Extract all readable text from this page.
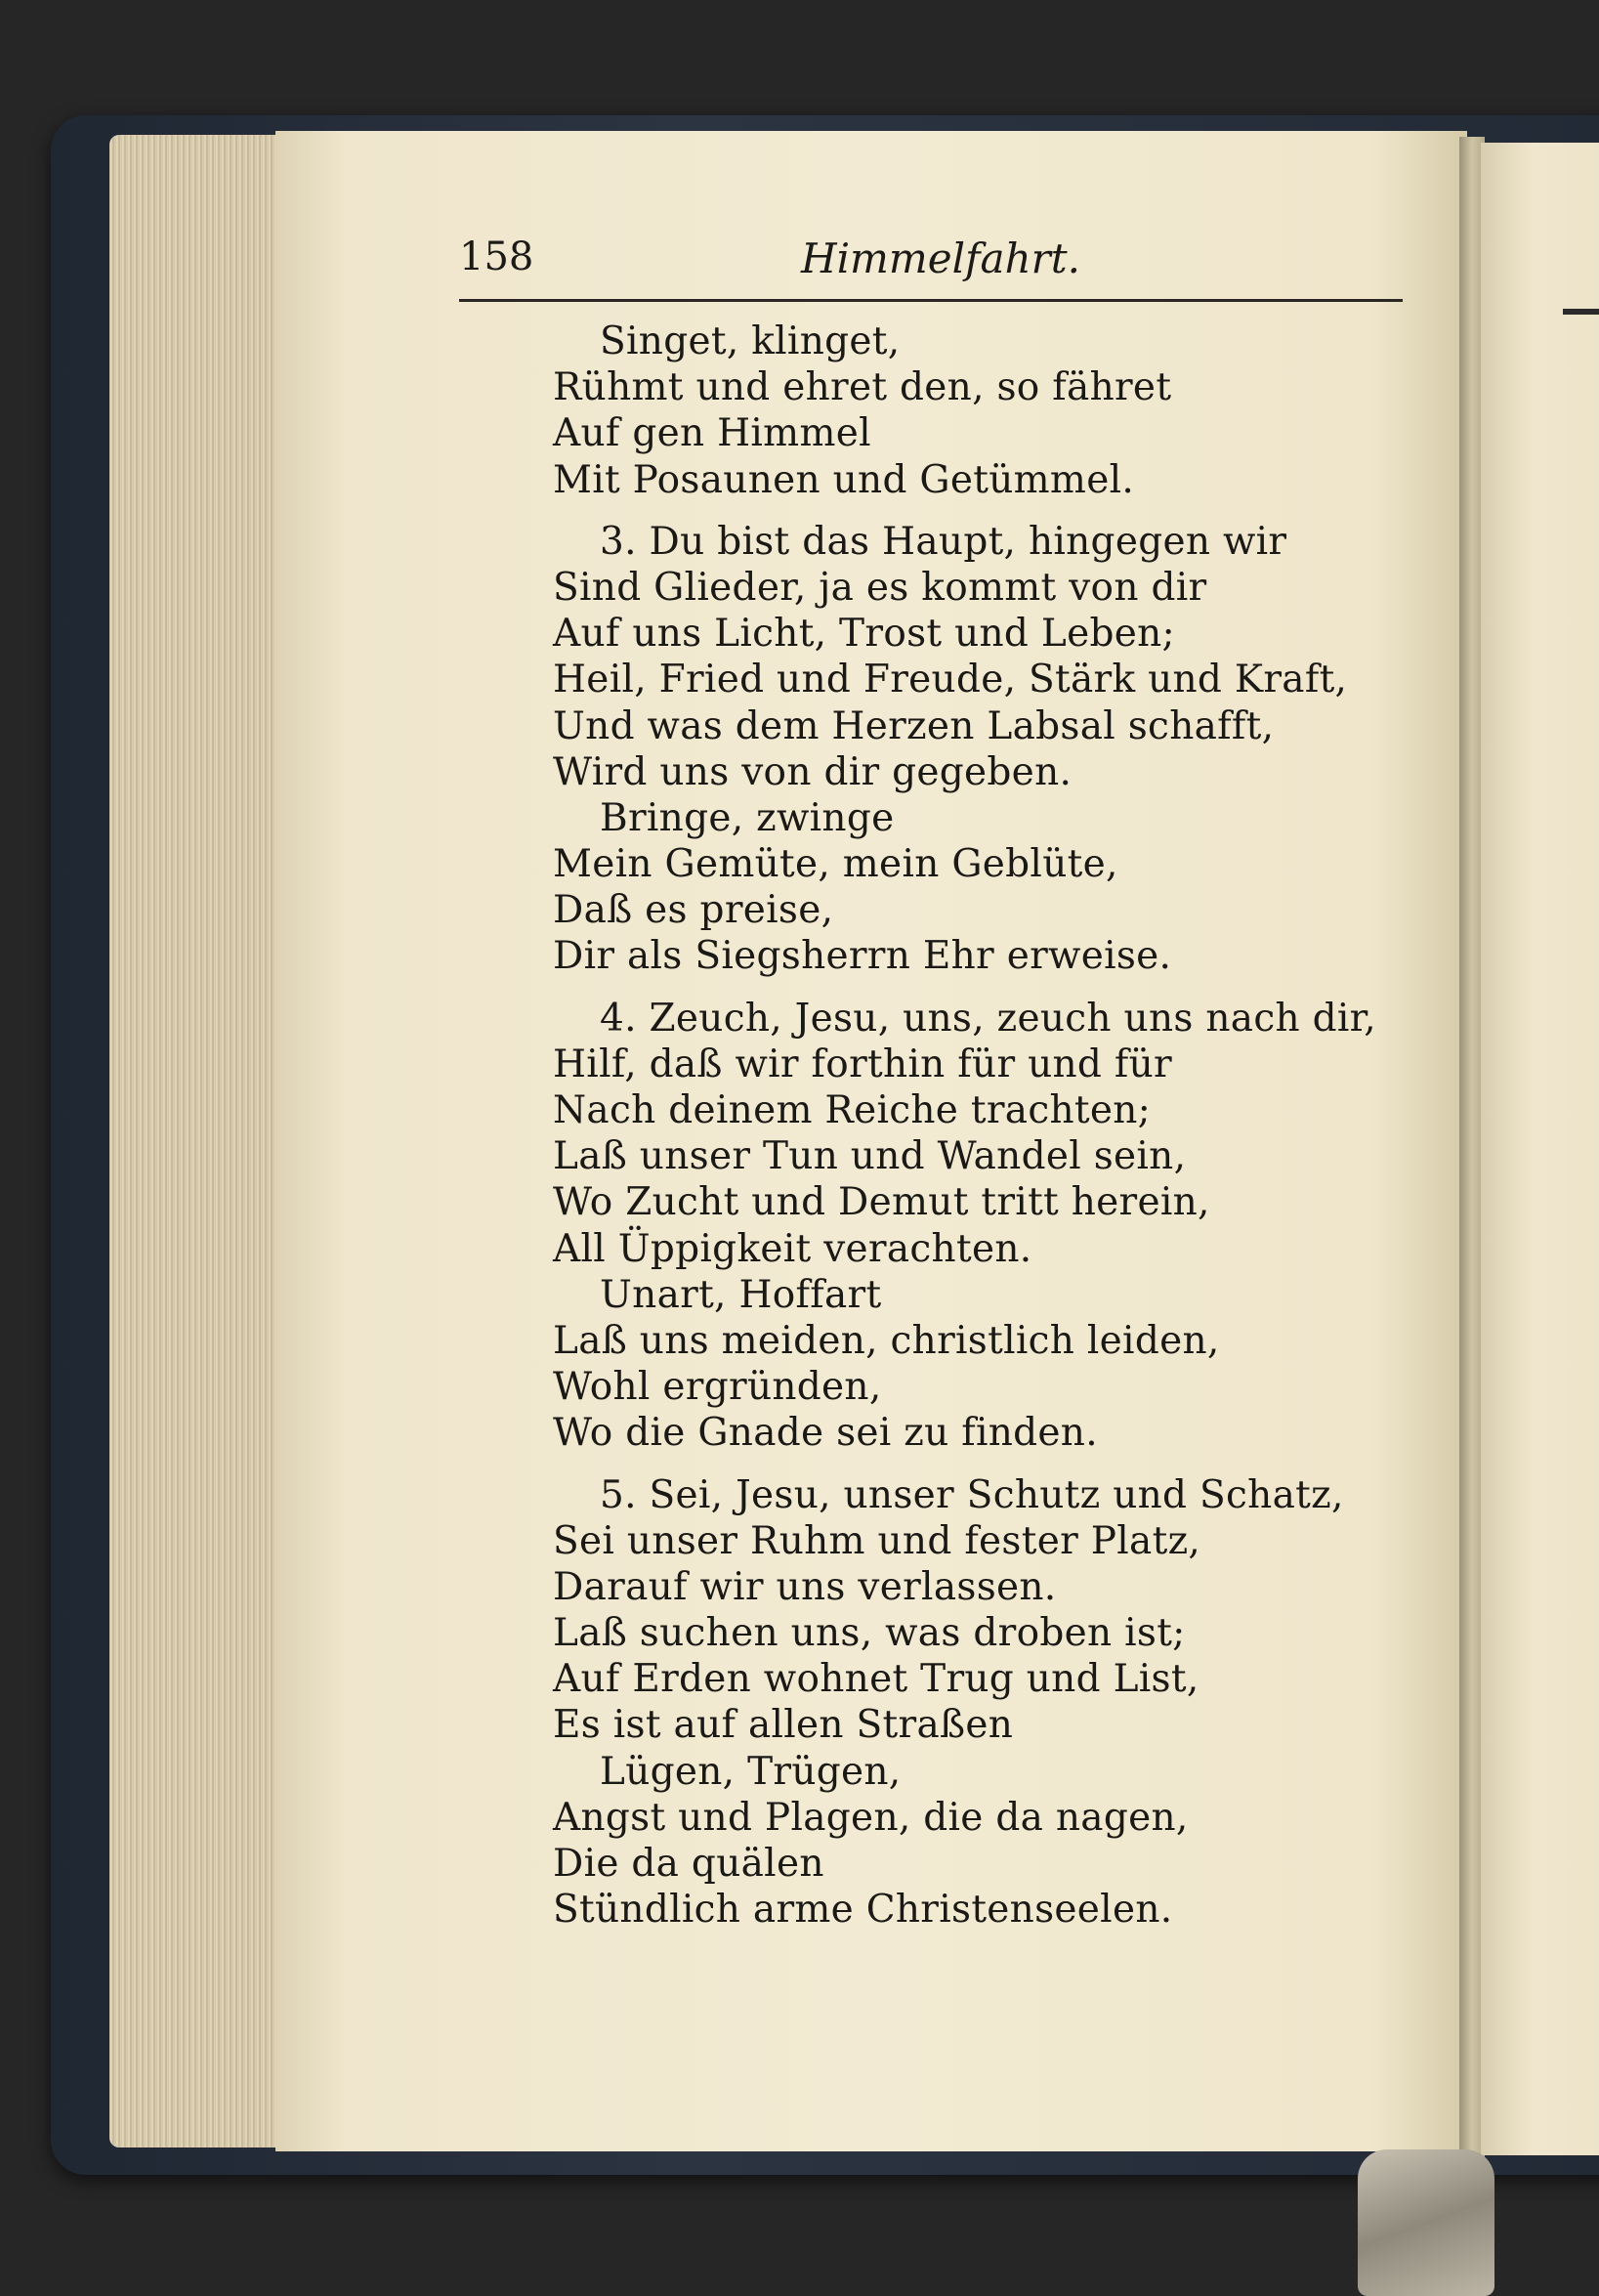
158	Himmelfahrt.
Singet, klinget,
Rühmt und ehret den, so fähret
Auf gen Himmel
Mit Posaunen und Getümmel.
3. Du bist das Haupt, hingegen wir
Sind Glieder, ja es kommt von dir
Auf uns Licht, Trost und Leben;
Heil, Fried und Freude, Stärk und Kraft,
Und was dem Herzen Labsal schafft,
Wird uns von dir gegeben.
Bringe, zwinge
Mein Gemüte, mein Geblüte,
Daß es preise,
Dir als Siegsherrn Ehr erweise.
4. Zeuch, Jesu, uns, zeuch uns nach dir,
Hilf, daß wir forthin für und für
Nach deinem Reiche trachten;
Laß unser Tun und Wandel sein,
Wo Zucht und Demut tritt herein,
All Üppigkeit verachten.
Unart, Hoffart
Laß uns meiden, christlich leiden,
Wohl ergründen,
Wo die Gnade sei zu finden.
5. Sei, Jesu, unser Schutz und Schatz,
Sei unser Ruhm und fester Platz,
Darauf wir uns verlassen.
Laß suchen uns, was droben ist;
Auf Erden wohnet Trug und List,
Es ist auf allen Straßen
Lügen, Trügen,
Angst und Plagen, die da nagen,
Die da quälen
Stündlich arme Christenseelen.
